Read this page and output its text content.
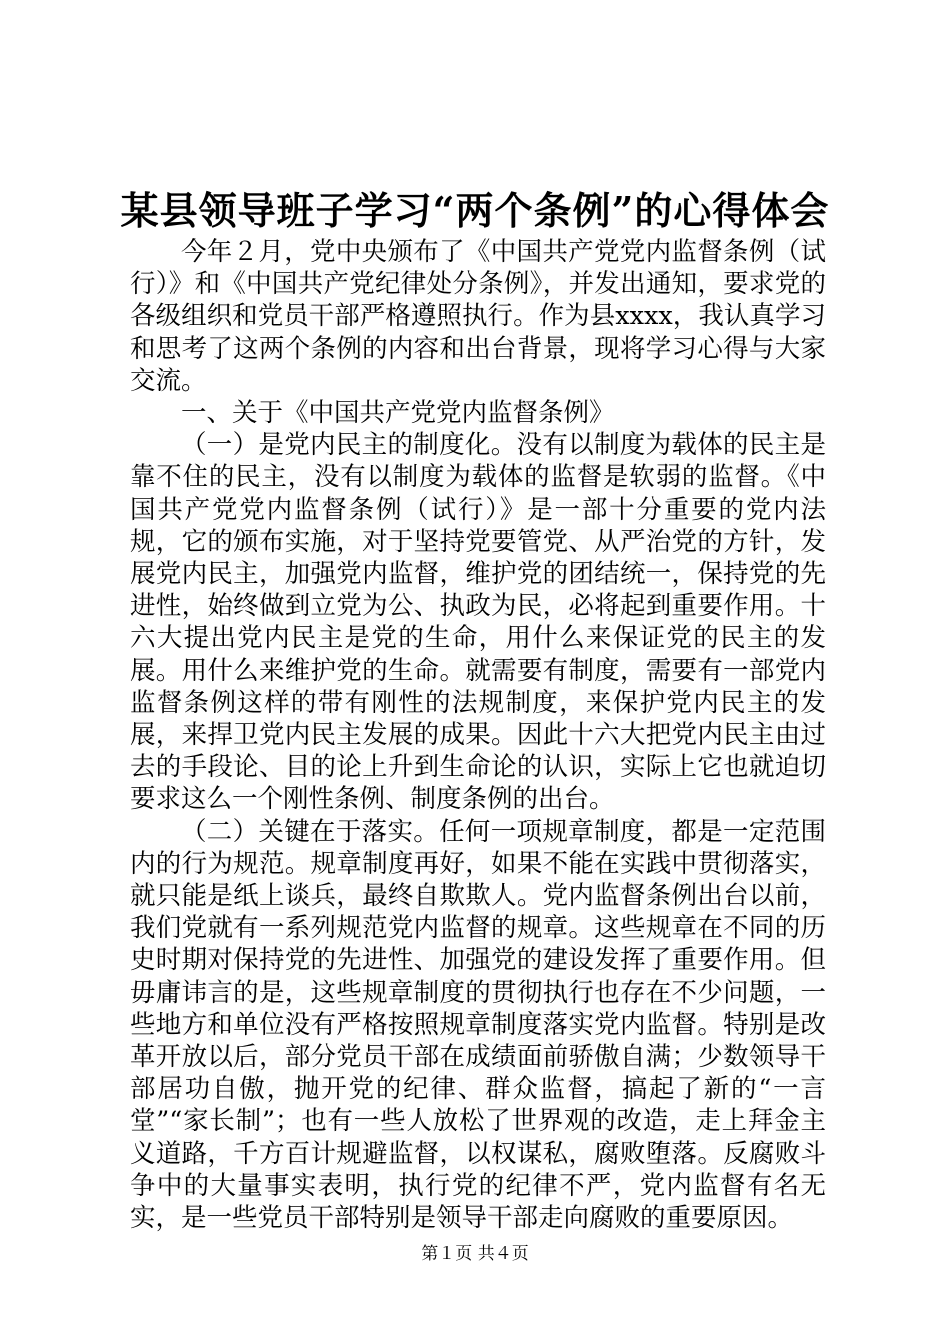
某县领导班子学习“两个条例”的心得体会

今年２月，党中央颁布了《中国共产党党内监督条例（试行）》和《中国共产党纪律处分条例》，并发出通知，要求党的各级组织和党员干部严格遵照执行。作为县xxxx，我认真学习和思考了这两个条例的内容和出台背景，现将学习心得与大家交流。

一、关于《中国共产党党内监督条例》

（一）是党内民主的制度化。没有以制度为载体的民主是靠不住的民主，没有以制度为载体的监督是软弱的监督。《中国共产党党内监督条例（试行）》是一部十分重要的党内法规，它的颁布实施，对于坚持党要管党、从严治党的方针，发展党内民主，加强党内监督，维护党的团结统一，保持党的先进性，始终做到立党为公、执政为民，必将起到重要作用。十六大提出党内民主是党的生命，用什么来保证党的民主的发展。用什么来维护党的生命。就需要有制度，需要有一部党内监督条例这样的带有刚性的法规制度，来保护党内民主的发展，来捍卫党内民主发展的成果。因此十六大把党内民主由过去的手段论、目的论上升到生命论的认识，实际上它也就迫切要求这么一个刚性条例、制度条例的出台。

（二）关键在于落实。任何一项规章制度，都是一定范围内的行为规范。规章制度再好，如果不能在实践中贯彻落实，就只能是纸上谈兵，最终自欺欺人。党内监督条例出台以前，我们党就有一系列规范党内监督的规章。这些规章在不同的历史时期对保持党的先进性、加强党的建设发挥了重要作用。但毋庸讳言的是，这些规章制度的贯彻执行也存在不少问题，一些地方和单位没有严格按照规章制度落实党内监督。特别是改革开放以后，部分党员干部在成绩面前骄傲自满；少数领导干部居功自傲，抛开党的纪律、群众监督，搞起了新的“一言堂”“家长制”；也有一些人放松了世界观的改造，走上拜金主义道路，千方百计规避监督，以权谋私，腐败堕落。反腐败斗争中的大量事实表明，执行党的纪律不严，党内监督有名无实，是一些党员干部特别是领导干部走向腐败的重要原因。

第１页 共４页
